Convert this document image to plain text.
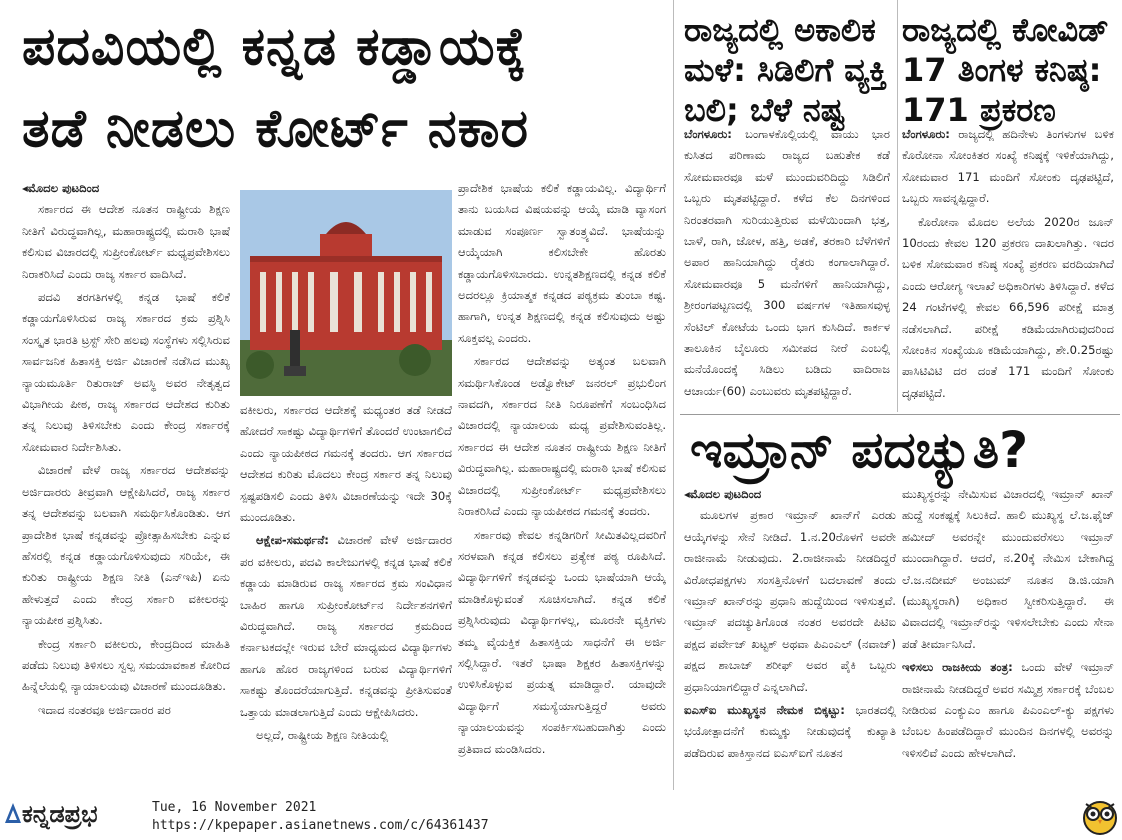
ಪದವಿಯಲ್ಲಿ ಕನ್ನಡ ಕಡ್ಡಾಯಕ್ಕೆ
ತಡೆ ನೀಡಲು ಕೋರ್ಟ್ ನಕಾರ
◂ ಮೊದಲ ಪುಟದಿಂದ

ಸರ್ಕಾರದ ಈ ಆದೇಶ ನೂತನ ರಾಷ್ಟ್ರೀಯ ಶಿಕ್ಷಣ ನೀತಿಗೆ ವಿರುದ್ಧವಾಗಿಲ್ಲ, ಮಹಾರಾಷ್ಟ್ರದಲ್ಲಿ ಮರಾಠಿ ಭಾಷೆ ಕಲಿಸುವ ವಿಚಾರದಲ್ಲಿ ಸುಪ್ರೀಂಕೋರ್ಟ್ ಮಧ್ಯಪ್ರವೇಶಿಸಲು ನಿರಾಕರಿಸಿದೆ ಎಂದು ರಾಜ್ಯ ಸರ್ಕಾರ ವಾದಿಸಿದೆ.

ಪದವಿ ತರಗತಿಗಳಲ್ಲಿ ಕನ್ನಡ ಭಾಷೆ ಕಲಿಕೆ ಕಡ್ಡಾಯಗೊಳಿಸಿರುವ ರಾಜ್ಯ ಸರ್ಕಾರದ ಕ್ರಮ ಪ್ರಶ್ನಿಸಿ ಸಂಸ್ಕೃತ ಭಾರತಿ ಟ್ರಸ್ಟ್ ಸೇರಿ ಹಲವು ಸಂಸ್ಥೆಗಳು ಸಲ್ಲಿಸಿರುವ ಸಾರ್ವಜನಿಕ ಹಿತಾಸಕ್ತಿ ಅರ್ಜಿ ವಿಚಾರಣೆ ನಡೆಸಿದ ಮುಖ್ಯ ನ್ಯಾಯಮೂರ್ತಿ ರಿತುರಾಜ್ ಅವಸ್ಥಿ ಅವರ ನೇತೃತ್ವದ ವಿಭಾಗೀಯ ಪೀಠ, ರಾಜ್ಯ ಸರ್ಕಾರದ ಆದೇಶದ ಕುರಿತು ತನ್ನ ನಿಲುವು ತಿಳಿಸಬೇಕು ಎಂದು ಕೇಂದ್ರ ಸರ್ಕಾರಕ್ಕೆ ಸೋಮವಾರ ನಿರ್ದೇಶಿಸಿತು.

ವಿಚಾರಣೆ ವೇಳೆ ರಾಜ್ಯ ಸರ್ಕಾರದ ಆದೇಶವನ್ನು ಅರ್ಜಿದಾರರು ತೀವ್ರವಾಗಿ ಆಕ್ಷೇಪಿಸಿದರೆ, ರಾಜ್ಯ ಸರ್ಕಾರ ತನ್ನ ಆದೇಶವನ್ನು ಬಲವಾಗಿ ಸಮರ್ಥಿಸಿಕೊಂಡಿತು. ಆಗ ಪ್ರಾದೇಶಿಕ ಭಾಷೆ ಕನ್ನಡವನ್ನು ಪ್ರೋತ್ಸಾಹಿಸಬೇಕು ಎನ್ನುವ ಹೆಸರಲ್ಲಿ ಕನ್ನಡ ಕಡ್ಡಾಯಗೊಳಿಸುವುದು ಸರಿಯೇ, ಈ ಕುರಿತು ರಾಷ್ಟ್ರೀಯ ಶಿಕ್ಷಣ ನೀತಿ (ಎನ್‌ಇಪಿ) ಏನು ಹೇಳುತ್ತದೆ ಎಂದು ಕೇಂದ್ರ ಸರ್ಕಾರಿ ವಕೀಲರನ್ನು ನ್ಯಾಯಪೀಠ ಪ್ರಶ್ನಿಸಿತು.

ಕೇಂದ್ರ ಸರ್ಕಾರಿ ವಕೀಲರು, ಕೇಂದ್ರದಿಂದ ಮಾಹಿತಿ ಪಡೆದು ನಿಲುವು ತಿಳಿಸಲು ಸ್ವಲ್ಪ ಸಮಯಾವಕಾಶ ಕೋರಿದ ಹಿನ್ನೆಲೆಯಲ್ಲಿ ನ್ಯಾಯಾಲಯವು ವಿಚಾರಣೆ ಮುಂದೂಡಿತು.

ಇದಾದ ನಂತರವೂ ಅರ್ಜಿದಾರರ ಪರ

ವಕೀಲರು, ಸರ್ಕಾರದ ಆದೇಶಕ್ಕೆ ಮಧ್ಯಂತರ ತಡೆ ನೀಡದೆ ಹೋದರೆ ಸಾಕಷ್ಟು ವಿದ್ಯಾರ್ಥಿಗಳಿಗೆ ತೊಂದರೆ ಉಂಟಾಗಲಿದೆ ಎಂದು ನ್ಯಾಯಪೀಠದ ಗಮನಕ್ಕೆ ತಂದರು. ಆಗ ಸರ್ಕಾರದ ಆದೇಶದ ಕುರಿತು ಮೊದಲು ಕೇಂದ್ರ ಸರ್ಕಾರ ತನ್ನ ನಿಲುವು ಸ್ಪಷ್ಟಪಡಿಸಲಿ ಎಂದು ತಿಳಿಸಿ ವಿಚಾರಣೆಯನ್ನು ಇದೇ 30ಕ್ಕೆ ಮುಂದೂಡಿತು.

ಆಕ್ಷೇಪ-ಸಮರ್ಥನೆ: ವಿಚಾರಣೆ ವೇಳೆ ಅರ್ಜಿದಾರರ ಪರ ವಕೀಲರು, ಪದವಿ ಕಾಲೇಜುಗಳಲ್ಲಿ ಕನ್ನಡ ಭಾಷೆ ಕಲಿಕೆ ಕಡ್ಡಾಯ ಮಾಡಿರುವ ರಾಜ್ಯ ಸರ್ಕಾರದ ಕ್ರಮ ಸಂವಿಧಾನ ಬಾಹಿರ ಹಾಗೂ ಸುಪ್ರೀಂಕೋರ್ಟ್‌ನ ನಿರ್ದೇಶನಗಳಿಗೆ ವಿರುದ್ಧವಾಗಿದೆ. ರಾಜ್ಯ ಸರ್ಕಾರದ ಕ್ರಮದಿಂದ ಕರ್ನಾಟಕದಲ್ಲೇ ಇರುವ ಬೇರೆ ಮಾಧ್ಯಮದ ವಿದ್ಯಾರ್ಥಿಗಳು ಹಾಗೂ ಹೊರ ರಾಜ್ಯಗಳಿಂದ ಬರುವ ವಿದ್ಯಾರ್ಥಿಗಳಿಗೆ ಸಾಕಷ್ಟು ತೊಂದರೆಯಾಗುತ್ತಿದೆ. ಕನ್ನಡವನ್ನು ಪ್ರೀತಿಸುವಂತೆ ಒತ್ತಾಯ ಮಾಡಲಾಗುತ್ತಿದೆ ಎಂದು ಆಕ್ಷೇಪಿಸಿದರು.

ಅಲ್ಲದೆ, ರಾಷ್ಟ್ರೀಯ ಶಿಕ್ಷಣ ನೀತಿಯಲ್ಲಿ

ಪ್ರಾದೇಶಿಕ ಭಾಷೆಯ ಕಲಿಕೆ ಕಡ್ಡಾಯವಿಲ್ಲ. ವಿದ್ಯಾರ್ಥಿಗೆ ತಾನು ಬಯಸಿದ ವಿಷಯವನ್ನು ಆಯ್ಕೆ ಮಾಡಿ ವ್ಯಾಸಂಗ ಮಾಡುವ ಸಂಪೂರ್ಣ ಸ್ವಾತಂತ್ರ್ಯವಿದೆ. ಭಾಷೆಯನ್ನು ಆಯ್ಕೆಯಾಗಿ ಕಲಿಸಬೇಕೇ ಹೊರತು ಕಡ್ಡಾಯಗೊಳಿಸಬಾರದು. ಉನ್ನತಶಿಕ್ಷಣದಲ್ಲಿ ಕನ್ನಡ ಕಲಿಕೆ ಅದರಲ್ಲೂ ಕ್ರಿಯಾತ್ಮಕ ಕನ್ನಡದ ಪಠ್ಯಕ್ರಮ ತುಂಬಾ ಕಷ್ಟ. ಹಾಗಾಗಿ, ಉನ್ನತ ಶಿಕ್ಷಣದಲ್ಲಿ ಕನ್ನಡ ಕಲಿಸುವುದು ಅಷ್ಟು ಸೂಕ್ತವಲ್ಲ ಎಂದರು.

ಸರ್ಕಾರದ ಆದೇಶವನ್ನು ಅತ್ಯಂತ ಬಲವಾಗಿ ಸಮರ್ಥಿಸಿಕೊಂಡ ಅಡ್ವೊಕೇಟ್ ಜನರಲ್ ಪ್ರಭುಲಿಂಗ ನಾವದಗಿ, ಸರ್ಕಾರದ ನೀತಿ ನಿರೂಪಣೆಗೆ ಸಂಬಂಧಿಸಿದ ವಿಚಾರದಲ್ಲಿ ನ್ಯಾಯಾಲಯ ಮಧ್ಯ ಪ್ರವೇಶಿಸುವಂತಿಲ್ಲ. ಸರ್ಕಾರದ ಈ ಆದೇಶ ನೂತನ ರಾಷ್ಟ್ರೀಯ ಶಿಕ್ಷಣ ನೀತಿಗೆ ವಿರುದ್ಧವಾಗಿಲ್ಲ. ಮಹಾರಾಷ್ಟ್ರದಲ್ಲಿ ಮರಾಠಿ ಭಾಷೆ ಕಲಿಸುವ ವಿಚಾರದಲ್ಲಿ ಸುಪ್ರೀಂಕೋರ್ಟ್ ಮಧ್ಯಪ್ರವೇಶಿಸಲು ನಿರಾಕರಿಸಿದೆ ಎಂದು ನ್ಯಾಯಪೀಠದ ಗಮನಕ್ಕೆ ತಂದರು.

ಸರ್ಕಾರವು ಕೇವಲ ಕನ್ನಡಿಗರಿಗೆ ಸೀಮಿತವಿಲ್ಲದವರಿಗೆ ಸರಳವಾಗಿ ಕನ್ನಡ ಕಲಿಸಲು ಪ್ರತ್ಯೇಕ ಪಠ್ಯ ರೂಪಿಸಿದೆ. ವಿದ್ಯಾರ್ಥಿಗಳಿಗೆ ಕನ್ನಡವನ್ನು ಒಂದು ಭಾಷೆಯಾಗಿ ಆಯ್ಕೆ ಮಾಡಿಕೊಳ್ಳುವಂತೆ ಸೂಚಿಸಲಾಗಿದೆ. ಕನ್ನಡ ಕಲಿಕೆ ಪ್ರಶ್ನಿಸಿರುವುದು ವಿದ್ಯಾರ್ಥಿಗಳಲ್ಲ, ಮೂರನೇ ವ್ಯಕ್ತಿಗಳು ತಮ್ಮ ವೈಯಕ್ತಿಕ ಹಿತಾಸಕ್ತಿಯ ಸಾಧನೆಗೆ ಈ ಅರ್ಜಿ ಸಲ್ಲಿಸಿದ್ದಾರೆ. ಇತರೆ ಭಾಷಾ ಶಿಕ್ಷಕರ ಹಿತಾಸಕ್ತಿಗಳನ್ನು ಉಳಿಸಿಕೊಳ್ಳುವ ಪ್ರಯತ್ನ ಮಾಡಿದ್ದಾರೆ. ಯಾವುದೇ ವಿದ್ಯಾರ್ಥಿಗೆ ಸಮಸ್ಯೆಯಾಗುತ್ತಿದ್ದರೆ ಅವರು ನ್ಯಾಯಾಲಯವನ್ನು ಸಂಪರ್ಕಿಸಬಹುದಾಗಿತ್ತು ಎಂದು ಪ್ರತಿವಾದ ಮಂಡಿಸಿದರು.

ರಾಜ್ಯದಲ್ಲಿ ಅಕಾಲಿಕ ಮಳೆ: ಸಿಡಿಲಿಗೆ ವ್ಯಕ್ತಿ ಬಲಿ; ಬೆಳೆ ನಷ್ಟ

ಬೆಂಗಳೂರು: ಬಂಗಾಳಕೊಲ್ಲಿಯಲ್ಲಿ ವಾಯು ಭಾರ ಕುಸಿತದ ಪರಿಣಾಮ ರಾಜ್ಯದ ಬಹುತೇಕ ಕಡೆ ಸೋಮವಾರವೂ ಮಳೆ ಮುಂದುವರಿದಿದ್ದು ಸಿಡಿಲಿಗೆ ಒಬ್ಬರು ಮೃತಪಟ್ಟಿದ್ದಾರೆ. ಕಳೆದ ಕೆಲ ದಿನಗಳಿಂದ ನಿರಂತರವಾಗಿ ಸುರಿಯುತ್ತಿರುವ ಮಳೆಯಿಂದಾಗಿ ಭತ್ತ, ಬಾಳೆ, ರಾಗಿ, ಜೋಳ, ಹತ್ತಿ, ಅಡಕೆ, ತರಕಾರಿ ಬೆಳೆಗಳಿಗೆ ಅಪಾರ ಹಾನಿಯಾಗಿದ್ದು ರೈತರು ಕಂಗಾಲಾಗಿದ್ದಾರೆ. ಸೋಮವಾರವೂ 5 ಮನೆಗಳಿಗೆ ಹಾನಿಯಾಗಿದ್ದು, ಶ್ರೀರಂಗಪಟ್ಟಣದಲ್ಲಿ 300 ವರ್ಷಗಳ ಇತಿಹಾಸವುಳ್ಳ ಸೆಂಟಿಲ್ ಕೋಟೆಯ ಒಂದು ಭಾಗ ಕುಸಿದಿದೆ. ಕಾರ್ಕಳ ತಾಲೂಕಿನ ಬೈಲೂರು ಸಮೀಪದ ನೀರೆ ಎಂಬಲ್ಲಿ ಮನೆಯೊಂದಕ್ಕೆ ಸಿಡಿಲು ಬಡಿದು ವಾದಿರಾಜ ಆಚಾರ್ಯ(60) ಎಂಬುವರು ಮೃತಪಟ್ಟಿದ್ದಾರೆ.

ರಾಜ್ಯದಲ್ಲಿ ಕೋವಿಡ್ 17 ತಿಂಗಳ ಕನಿಷ್ಠ: 171 ಪ್ರಕರಣ

ಬೆಂಗಳೂರು: ರಾಜ್ಯದಲ್ಲಿ ಹದಿನೇಳು ತಿಂಗಳುಗಳ ಬಳಿಕ ಕೊರೋನಾ ಸೋಂಕಿತರ ಸಂಖ್ಯೆ ಕನಿಷ್ಠಕ್ಕೆ ಇಳಿಕೆಯಾಗಿದ್ದು, ಸೋಮವಾರ 171 ಮಂದಿಗೆ ಸೋಂಕು ದೃಢಪಟ್ಟಿದೆ, ಒಬ್ಬರು ಸಾವನ್ನಪ್ಪಿದ್ದಾರೆ.

ಕೊರೋನಾ ಮೊದಲ ಅಲೆಯ 2020ರ ಜೂನ್ 10ರಂದು ಕೇವಲ 120 ಪ್ರಕರಣ ದಾಖಲಾಗಿತ್ತು. ಇದರ ಬಳಿಕ ಸೋಮವಾರ ಕನಿಷ್ಠ ಸಂಖ್ಯೆ ಪ್ರಕರಣ ವರದಿಯಾಗಿದೆ ಎಂದು ಆರೋಗ್ಯ ಇಲಾಖೆ ಅಧಿಕಾರಿಗಳು ತಿಳಿಸಿದ್ದಾರೆ. ಕಳೆದ 24 ಗಂಟೆಗಳಲ್ಲಿ ಕೇವಲ 66,596 ಪರೀಕ್ಷೆ ಮಾತ್ರ ನಡೆಸಲಾಗಿದೆ. ಪರೀಕ್ಷೆ ಕಡಿಮೆಯಾಗಿರುವುದರಿಂದ ಸೋಂಕಿನ ಸಂಖ್ಯೆಯೂ ಕಡಿಮೆಯಾಗಿದ್ದು, ಶೇ.0.25ರಷ್ಟು ಪಾಸಿಟಿವಿಟಿ ದರ ದಂತೆ 171 ಮಂದಿಗೆ ಸೋಂಕು ದೃಢಪಟ್ಟಿದೆ.

ಇಮ್ರಾನ್ ಪದಚ್ಯುತಿ?
◂ ಮೊದಲ ಪುಟದಿಂದ

ಮೂಲಗಳ ಪ್ರಕಾರ ಇಮ್ರಾನ್ ಖಾನ್‌ಗೆ ಎರಡು ಆಯ್ಕೆಗಳನ್ನು ಸೇನೆ ನೀಡಿದೆ. 1.ನ.20ರೊಳಗೆ ಅವರೇ ರಾಜೀನಾಮೆ ನೀಡುವುದು. 2.ರಾಜೀನಾಮೆ ನೀಡದಿದ್ದರೆ ವಿರೋಧಪಕ್ಷಗಳು ಸಂಸತ್ತಿನೊಳಗೆ ಬದಲಾವಣೆ ತಂದು ಇಮ್ರಾನ್ ಖಾನ್‌ರನ್ನು ಪ್ರಧಾನಿ ಹುದ್ದೆಯಿಂದ ಇಳಿಸುತ್ತವೆ. ಇಮ್ರಾನ್ ಪದಚ್ಯುತಿಗೊಂಡ ನಂತರ ಅವರದೇ ಪಿಟಿಐ ಪಕ್ಷದ ಪರ್ವೇಜ್ ಖಟ್ಟಕ್ ಅಥವಾ ಪಿಎಂಎಲ್ (ನವಾಜ್) ಪಕ್ಷದ ಶಾಬಾಜ್ ಶರೀಫ್ ಅವರ ಪೈಕಿ ಒಬ್ಬರು ಪ್ರಧಾನಿಯಾಗಲಿದ್ದಾರೆ ಎನ್ನಲಾಗಿದೆ.

ಐಎಸ್‌ಐ ಮುಖ್ಯಸ್ಥನ ನೇಮಕ ಬಿಕ್ಕಟ್ಟು: ಭಾರತದಲ್ಲಿ ಭಯೋತ್ಪಾದನೆಗೆ ಕುಮ್ಮಕ್ಕು ನೀಡುವುದಕ್ಕೆ ಕುಖ್ಯಾತಿ ಪಡೆದಿರುವ ಪಾಕಿಸ್ತಾನದ ಐಎಸ್‌ಐಗೆ ನೂತನ

ಮುಖ್ಯಸ್ಥರನ್ನು ನೇಮಿಸುವ ವಿಚಾರದಲ್ಲಿ ಇಮ್ರಾನ್ ಖಾನ್ ಹುದ್ದೆ ಸಂಕಷ್ಟಕ್ಕೆ ಸಿಲುಕಿದೆ. ಹಾಲಿ ಮುಖ್ಯಸ್ಥ ಲೆ.ಜ.ಫೈಜ್ ಹಮೀದ್ ಅವರನ್ನೇ ಮುಂದುವರೆಸಲು ಇಮ್ರಾನ್ ಮುಂದಾಗಿದ್ದಾರೆ. ಆದರೆ, ನ.20ಕ್ಕೆ ನೇಮಿಸ ಬೇಕಾಗಿದ್ದ ಲೆ.ಜ.ನದೀಮ್ ಅಂಜುಮ್ ನೂತನ ಡಿ.ಜಿ.ಯಾಗಿ (ಮುಖ್ಯಸ್ಥರಾಗಿ) ಅಧಿಕಾರ ಸ್ವೀಕರಿಸುತ್ತಿದ್ದಾರೆ. ಈ ವಿವಾದದಲ್ಲಿ ಇಮ್ರಾನ್‌ರನ್ನು ಇಳಿಸಲೇಬೇಕು ಎಂದು ಸೇನಾ ಪಡೆ ತೀರ್ಮಾನಿಸಿದೆ.

ಇಳಿಸಲು ರಾಜಕೀಯ ತಂತ್ರ: ಒಂದು ವೇಳೆ ಇಮ್ರಾನ್ ರಾಜೀನಾಮೆ ನೀಡದಿದ್ದರೆ ಅವರ ಸಮ್ಮಿಶ್ರ ಸರ್ಕಾರಕ್ಕೆ ಬೆಂಬಲ ನೀಡಿರುವ ಎಂಕ್ಯುಎಂ ಹಾಗೂ ಪಿಎಂಎಲ್-ಕ್ಯು ಪಕ್ಷಗಳು ಬೆಂಬಲ ಹಿಂಪಡೆದಿದ್ದಾರೆ ಮುಂದಿನ ದಿನಗಳಲ್ಲಿ ಅವರನ್ನು ಇಳಿಸಲಿವೆ ಎಂದು ಹೇಳಲಾಗಿದೆ.

ಕನ್ನಡಪ್ರಭ	Tue, 16 November 2021
https://kpepaper.asianetnews.com/c/64361437
